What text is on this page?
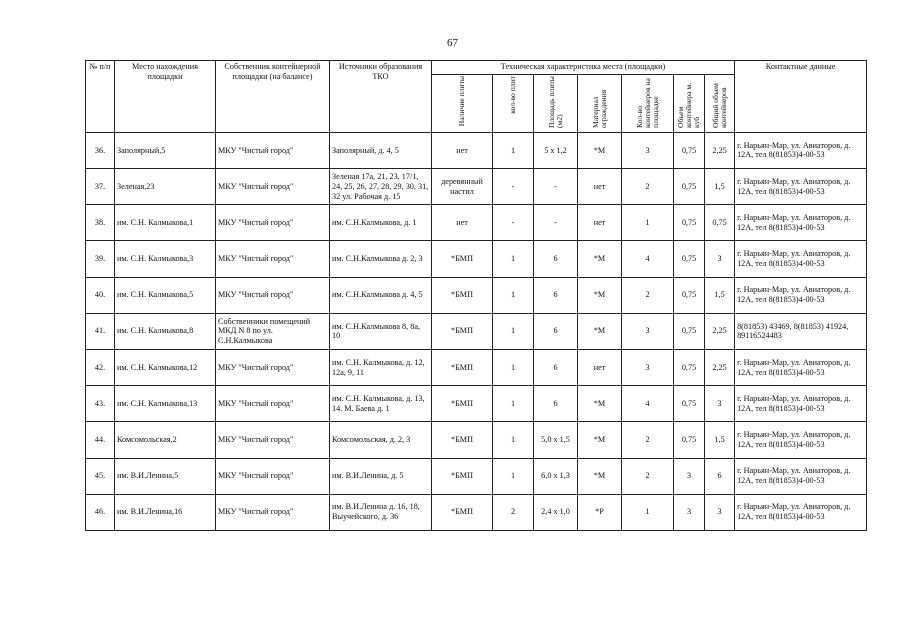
67
№ п/п	Место нахождения площадки	Собственник контейнерной площадки (на балансе)	Источники образования ТКО	Техническая характеристика места (площадки)							Контактные данные
				Наличие плиты	кол-во плит	Площадь плиты (м2)	Материал ограждения	Кол-во контейнеров на площадке	Объем контейнера м. куб	Общий объем контейнеров	
36.	Заполярный,5	МКУ "Чистый город"	Заполярный, д. 4, 5	нет	1	5 x 1,2	*М	3	0,75	2,25	г. Нарьян-Мар, ул. Авиаторов, д. 12А, тел 8(81853)4-00-53
37.	Зеленая,23	МКУ "Чистый город"	Зеленая 17а, 21, 23, 17/1, 24, 25, 26, 27, 28, 29, 30, 31, 32 ул. Рабочая д. 15	деревянный настил	-	-	нет	2	0,75	1,5	г. Нарьян-Мар, ул. Авиаторов, д. 12А, тел 8(81853)4-00-53
38.	им. С.Н. Калмыкова,1	МКУ "Чистый город"	им. С.Н.Калмыкова, д. 1	нет	-	-	нет	1	0,75	0,75	г. Нарьян-Мар, ул. Авиаторов, д. 12А, тел 8(81853)4-00-53
39.	им. С.Н. Калмыкова,3	МКУ "Чистый город"	им. С.Н.Калмыкова д. 2, 3	*БМП	1	6	*М	4	0,75	3	г. Нарьян-Мар, ул. Авиаторов, д. 12А, тел 8(81853)4-00-53
40.	им. С.Н. Калмыкова,5	МКУ "Чистый город"	им. С.Н.Калмыкова д. 4, 5	*БМП	1	6	*М	2	0,75	1,5	г. Нарьян-Мар, ул. Авиаторов, д. 12А, тел 8(81853)4-00-53
41.	им. С.Н. Калмыкова,8	Собственники помещений МКД N 8 по ул. С.Н.Калмыкова	им. С.Н.Калмыкова 8, 8а, 10	*БМП	1	6	*М	3	0,75	2,25	8(81853) 43469, 8(81853) 41924, 89116524483
42.	им. С.Н. Калмыкова,12	МКУ "Чистый город"	им. С.Н. Калмыкова, д. 12, 12а, 9, 11	*БМП	1	6	нет	3	0,75	2,25	г. Нарьян-Мар, ул. Авиаторов, д. 12А, тел 8(81853)4-00-53
43.	им. С.Н. Калмыкова,13	МКУ "Чистый город"	им. С.Н. Калмыкова, д. 13, 14. М. Баева д. 1	*БМП	1	6	*М	4	0,75	3	г. Нарьян-Мар, ул. Авиаторов, д. 12А, тел 8(81853)4-00-53
44.	Комсомольская,2	МКУ "Чистый город"	Комсомольская, д. 2, 3	*БМП	1	5,0 x 1,5	*М	2	0,75	1,5	г. Нарьян-Мар, ул. Авиаторов, д. 12А, тел 8(81853)4-00-53
45.	им. В.И.Ленина,5	МКУ "Чистый город"	им. В.И.Ленина, д. 5	*БМП	1	6,0 x 1,3	*М	2	3	6	г. Нарьян-Мар, ул. Авиаторов, д. 12А, тел 8(81853)4-00-53
46.	им. В.И.Ленина,16	МКУ "Чистый город"	им. В.И.Ленина д. 16, 18, Выучейского, д. 36	*БМП	2	2,4 x 1,0	*Р	1	3	3	г. Нарьян-Мар, ул. Авиаторов, д. 12А, тел 8(81853)4-00-53
